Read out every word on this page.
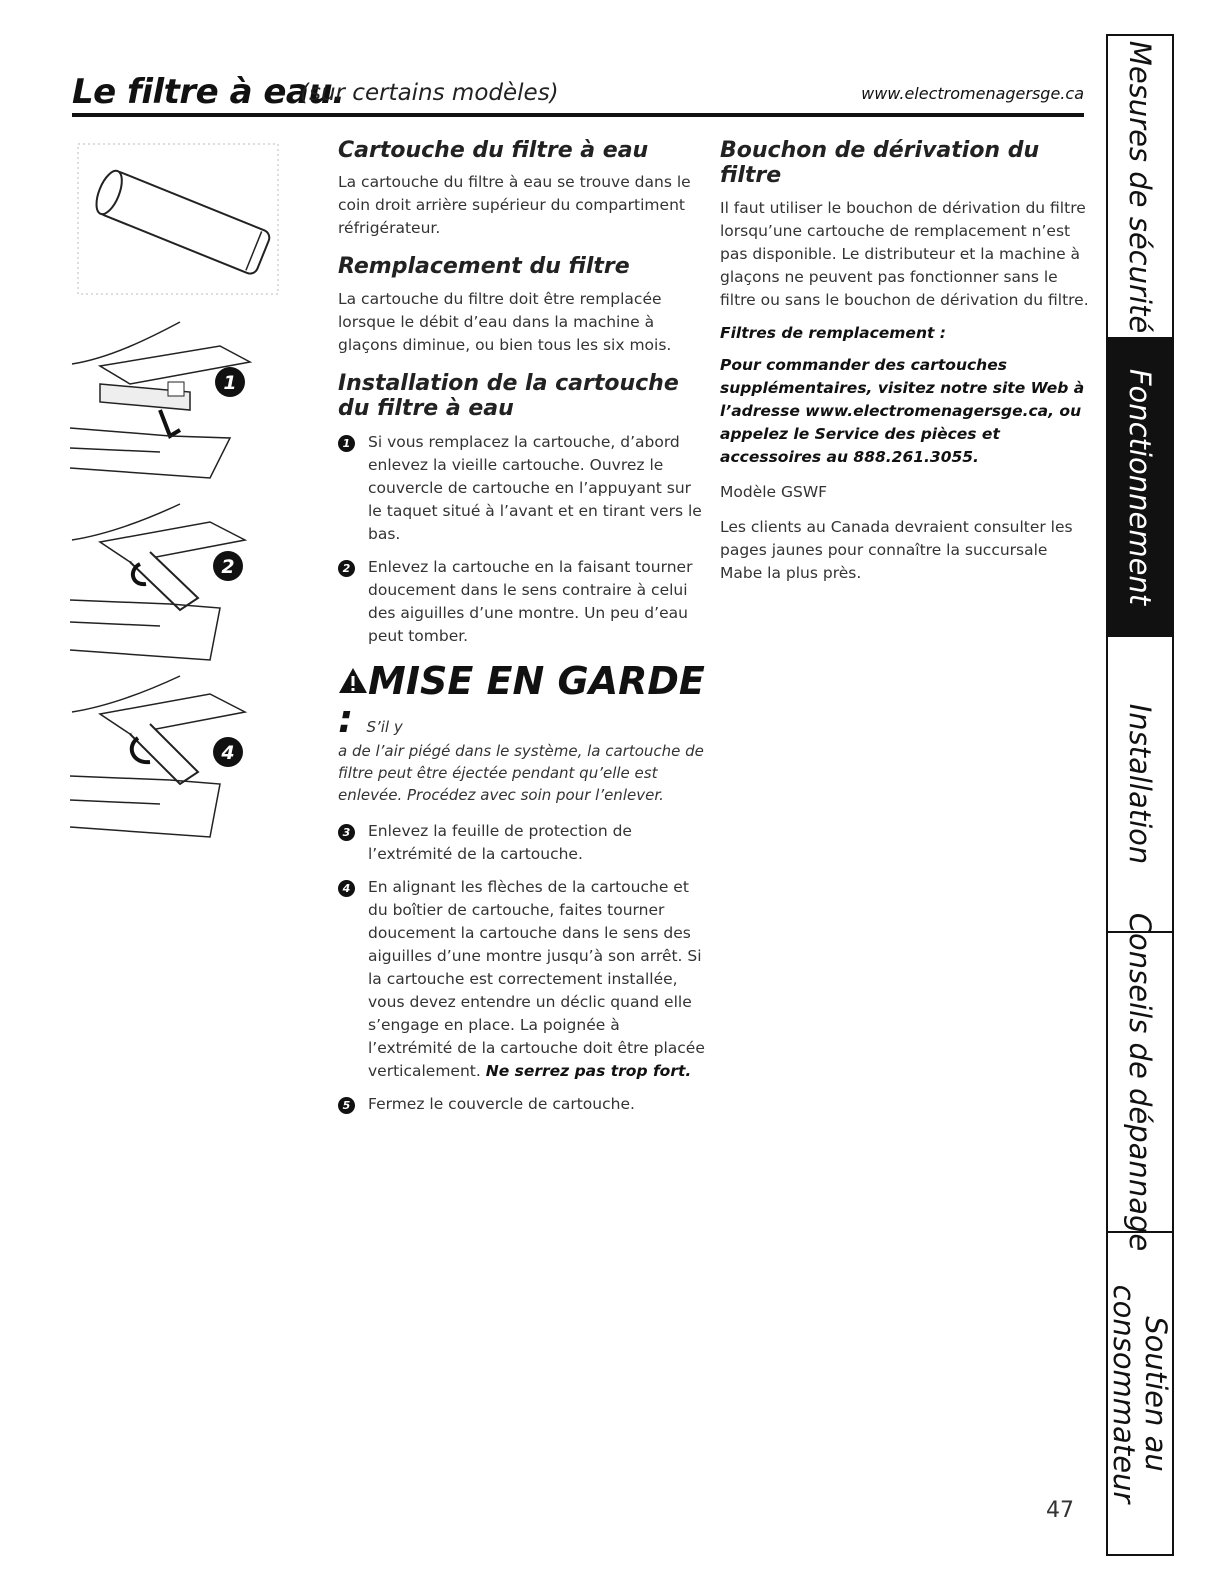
Le filtre à eau.
(sur certains modèles)	www.electromenagersge.ca
1
2
4
Cartouche du filtre à eau

La cartouche du filtre à eau se trouve dans le coin droit arrière supérieur du compartiment réfrigérateur.

Remplacement du filtre

La cartouche du filtre doit être remplacée lorsque le débit d’eau dans la machine à glaçons diminue, ou bien tous les six mois.

Installation de la cartouche du filtre à eau
1	Si vous remplacez la cartouche, d’abord enlevez la vieille cartouche. Ouvrez le couvercle de cartouche en l’appuyant sur le taquet situé à l’avant et en tirant vers le bas.
2	Enlevez la cartouche en la faisant tourner doucement dans le sens contraire à celui des aiguilles d’une montre. Un peu d’eau peut tomber.
MISE EN GARDE : S’il y

a de l’air piégé dans le système, la cartouche de filtre peut être éjectée pendant qu’elle est enlevée. Procédez avec soin pour l’enlever.

3	Enlevez la feuille de protection de l’extrémité de la cartouche.
4	En alignant les flèches de la cartouche et du boîtier de cartouche, faites tourner doucement la cartouche dans le sens des aiguilles d’une montre jusqu’à son arrêt. Si la cartouche est correctement installée, vous devez entendre un déclic quand elle s’engage en place. La poignée à l’extrémité de la cartouche doit être placée verticalement. Ne serrez pas trop fort.
5	Fermez le couvercle de cartouche.
Bouchon de dérivation du filtre

Il faut utiliser le bouchon de dérivation du filtre lorsqu’une cartouche de remplacement n’est pas disponible. Le distributeur et la machine à glaçons ne peuvent pas fonctionner sans le filtre ou sans le bouchon de dérivation du filtre.

Filtres de remplacement :
Pour commander des cartouches supplémentaires, visitez notre site Web à l’adresse www.electromenagersge.ca, ou appelez le Service des pièces et accessoires au 888.261.3055.

Modèle GSWF

Les clients au Canada devraient consulter les pages jaunes pour connaître la succursale Mabe la plus près.

Mesures de sécurité
Fonctionnement
Installation
Conseils de dépannage
Soutien au consommateur
47
